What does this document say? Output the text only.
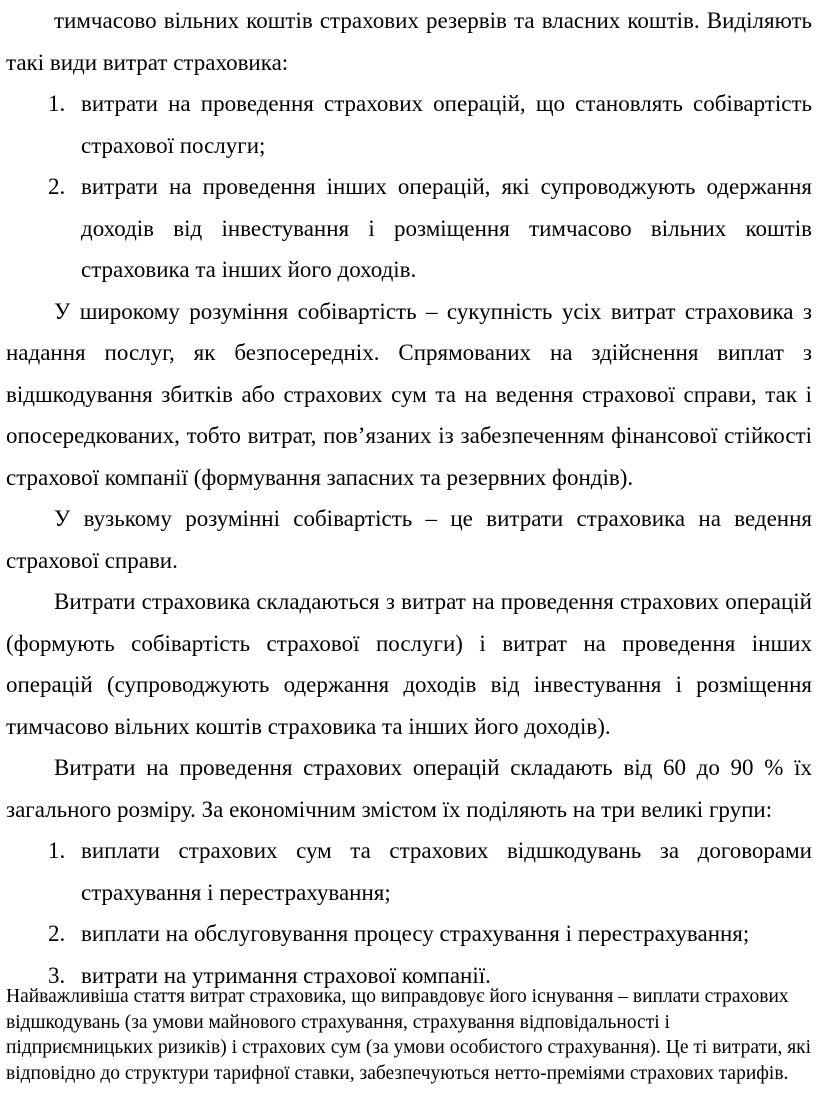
тимчасово вільних коштів страхових резервів та власних коштів. Виділяють такі види витрат страховика:

1. витрати на проведення страхових операцій, що становлять собівартість страхової послуги;
2. витрати на проведення інших операцій, які супроводжують одержання доходів від інвестування і розміщення тимчасово вільних коштів страховика та інших його доходів.

У широкому розуміння собівартість – сукупність усіх витрат страховика з надання послуг, як безпосередніх. Спрямованих на здійснення виплат з відшкодування збитків або страхових сум та на ведення страхової справи, так і опосередкованих, тобто витрат, пов’язаних із забезпеченням фінансової стійкості страхової компанії (формування запасних та резервних фондів).

У вузькому розумінні собівартість – це витрати страховика на ведення страхової справи.

Витрати страховика складаються з витрат на проведення страхових операцій (формують собівартість страхової послуги) і витрат на проведення інших операцій (супроводжують одержання доходів від інвестування і розміщення тимчасово вільних коштів страховика та інших його доходів).

Витрати на проведення страхових операцій складають від 60 до 90 % їх загального розміру. За економічним змістом їх поділяють на три великі групи:

1. виплати страхових сум та страхових відшкодувань за договорами страхування і перестрахування;
2. виплати на обслуговування процесу страхування і перестрахування;
3. витрати на утримання страхової компанії.

Найважливіша стаття витрат страховика, що виправдовує його існування – виплати страхових відшкодувань (за умови майнового страхування, страхування відповідальності і підприємницьких ризиків) і страхових сум (за умови особистого страхування). Це ті витрати, які відповідно до структури тарифної ставки, забезпечуються нетто-преміями страхових тарифів.
